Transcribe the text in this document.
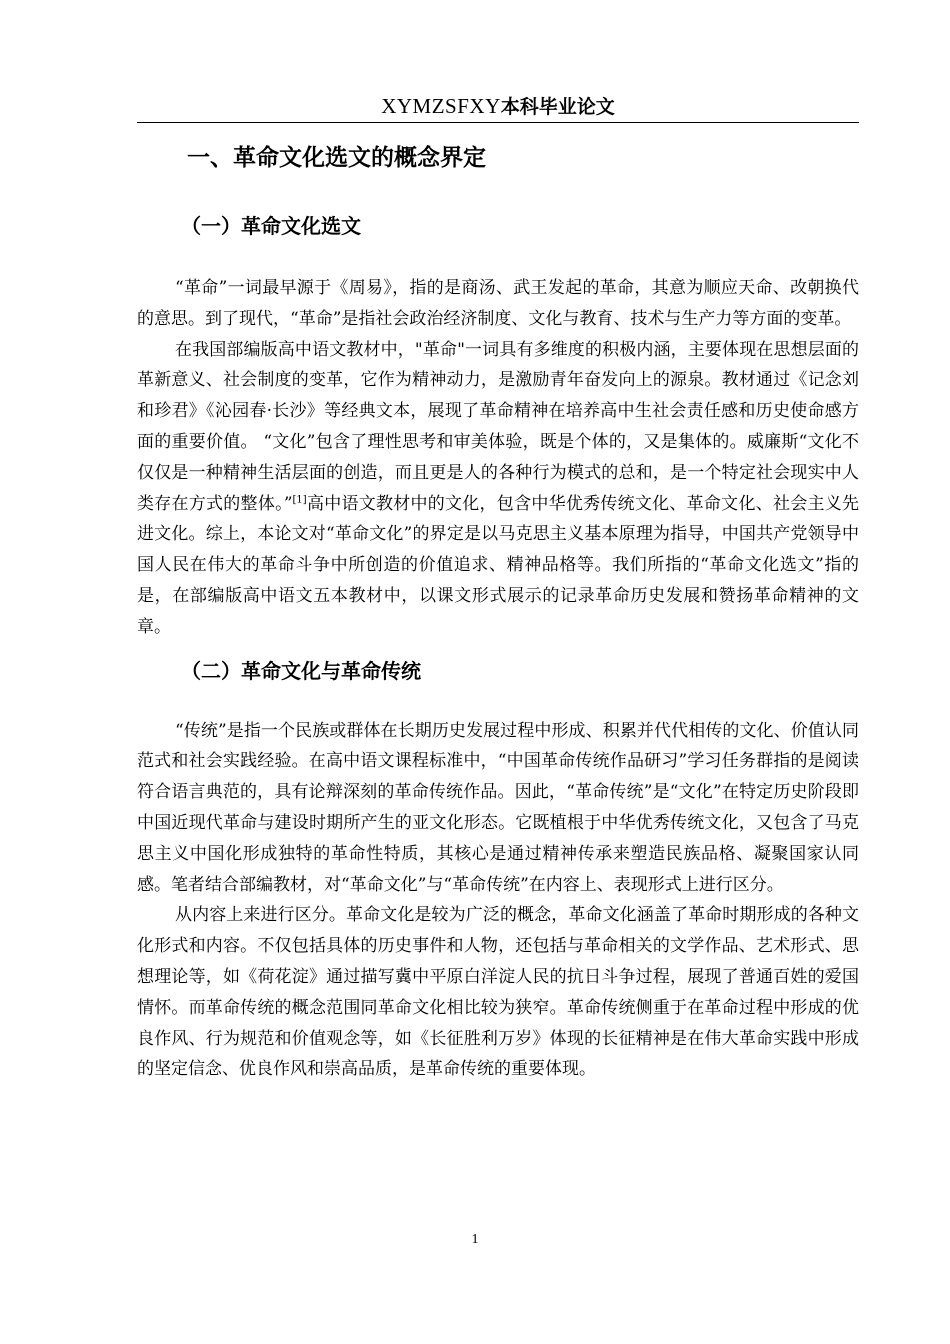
XYMZSFXY本科毕业论文
一、革命文化选文的概念界定
（一）革命文化选文

“革命”一词最早源于《周易》，指的是商汤、武王发起的革命，其意为顺应天命、改朝换代的意思。到了现代，“革命”是指社会政治经济制度、文化与教育、技术与生产力等方面的变革。

在我国部编版高中语文教材中，"革命"一词具有多维度的积极内涵，主要体现在思想层面的革新意义、社会制度的变革，它作为精神动力，是激励青年奋发向上的源泉。教材通过《记念刘和珍君》《沁园春·长沙》等经典文本，展现了革命精神在培养高中生社会责任感和历史使命感方面的重要价值。 “文化”包含了理性思考和审美体验，既是个体的，又是集体的。威廉斯“文化不仅仅是一种精神生活层面的创造，而且更是人的各种行为模式的总和，是一个特定社会现实中人类存在方式的整体。”[1]高中语文教材中的文化，包含中华优秀传统文化、革命文化、社会主义先进文化。综上，本论文对“革命文化”的界定是以马克思主义基本原理为指导，中国共产党领导中国人民在伟大的革命斗争中所创造的价值追求、精神品格等。我们所指的“革命文化选文”指的是，在部编版高中语文五本教材中，以课文形式展示的记录革命历史发展和赞扬革命精神的文章。

（二）革命文化与革命传统

“传统”是指一个民族或群体在长期历史发展过程中形成、积累并代代相传的文化、价值认同范式和社会实践经验。在高中语文课程标准中，“中国革命传统作品研习”学习任务群指的是阅读符合语言典范的，具有论辩深刻的革命传统作品。因此，“革命传统”是“文化”在特定历史阶段即中国近现代革命与建设时期所产生的亚文化形态。它既植根于中华优秀传统文化，又包含了马克思主义中国化形成独特的革命性特质，其核心是通过精神传承来塑造民族品格、凝聚国家认同感。笔者结合部编教材，对“革命文化”与“革命传统”在内容上、表现形式上进行区分。

从内容上来进行区分。革命文化是较为广泛的概念，革命文化涵盖了革命时期形成的各种文化形式和内容。不仅包括具体的历史事件和人物，还包括与革命相关的文学作品、艺术形式、思想理论等，如《荷花淀》通过描写冀中平原白洋淀人民的抗日斗争过程，展现了普通百姓的爱国情怀。而革命传统的概念范围同革命文化相比较为狭窄。革命传统侧重于在革命过程中形成的优良作风、行为规范和价值观念等，如《长征胜利万岁》体现的长征精神是在伟大革命实践中形成的坚定信念、优良作风和崇高品质，是革命传统的重要体现。

1
